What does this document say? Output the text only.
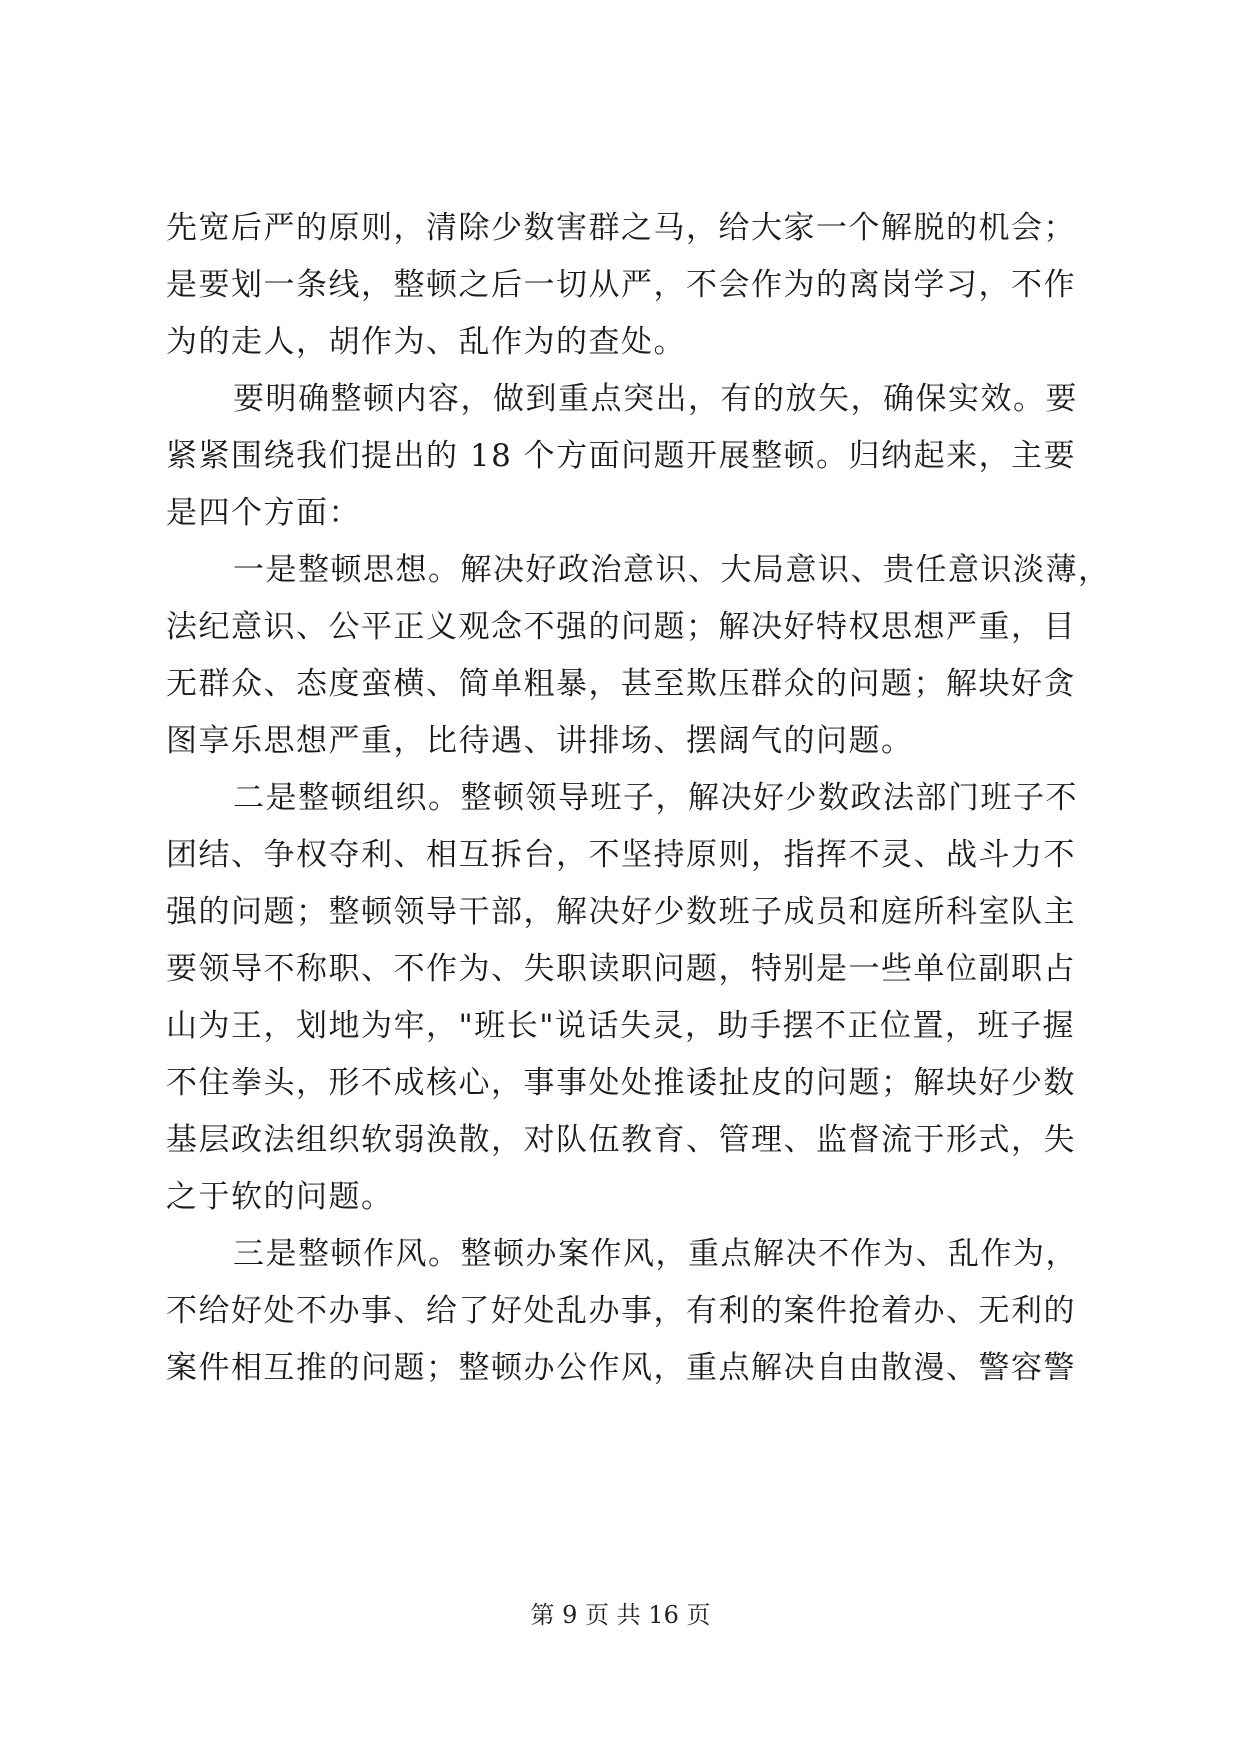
先宽后严的原则，清除少数害群之马，给大家一个解脱的机会；
是要划一条线，整顿之后一切从严，不会作为的离岗学习，不作
为的走人，胡作为、乱作为的查处。
要明确整顿内容，做到重点突出，有的放矢，确保实效。要
紧紧围绕我们提出的 18 个方面问题开展整顿。归纳起来，主要
是四个方面：
一是整顿思想。解决好政治意识、大局意识、贵任意识淡薄，
法纪意识、公平正义观念不强的问题；解决好特权思想严重，目
无群众、态度蛮横、简单粗暴，甚至欺压群众的问题；解块好贪
图享乐思想严重，比待遇、讲排场、摆阔气的问题。
二是整顿组织。整顿领导班子，解决好少数政法部门班子不
团结、争权夺利、相互拆台，不坚持原则，指挥不灵、战斗力不
强的问题；整顿领导干部，解决好少数班子成员和庭所科室队主
要领导不称职、不作为、失职读职问题，特别是一些单位副职占
山为王，划地为牢，"班长"说话失灵，助手摆不正位置，班子握
不住拳头，形不成核心，事事处处推诿扯皮的问题；解块好少数
基层政法组织软弱涣散，对队伍教育、管理、监督流于形式，失
之于软的问题。
三是整顿作风。整顿办案作风，重点解决不作为、乱作为，
不给好处不办事、给了好处乱办事，有利的案件抢着办、无利的
案件相互推的问题；整顿办公作风，重点解决自由散漫、警容警
第 9 页 共 16 页
